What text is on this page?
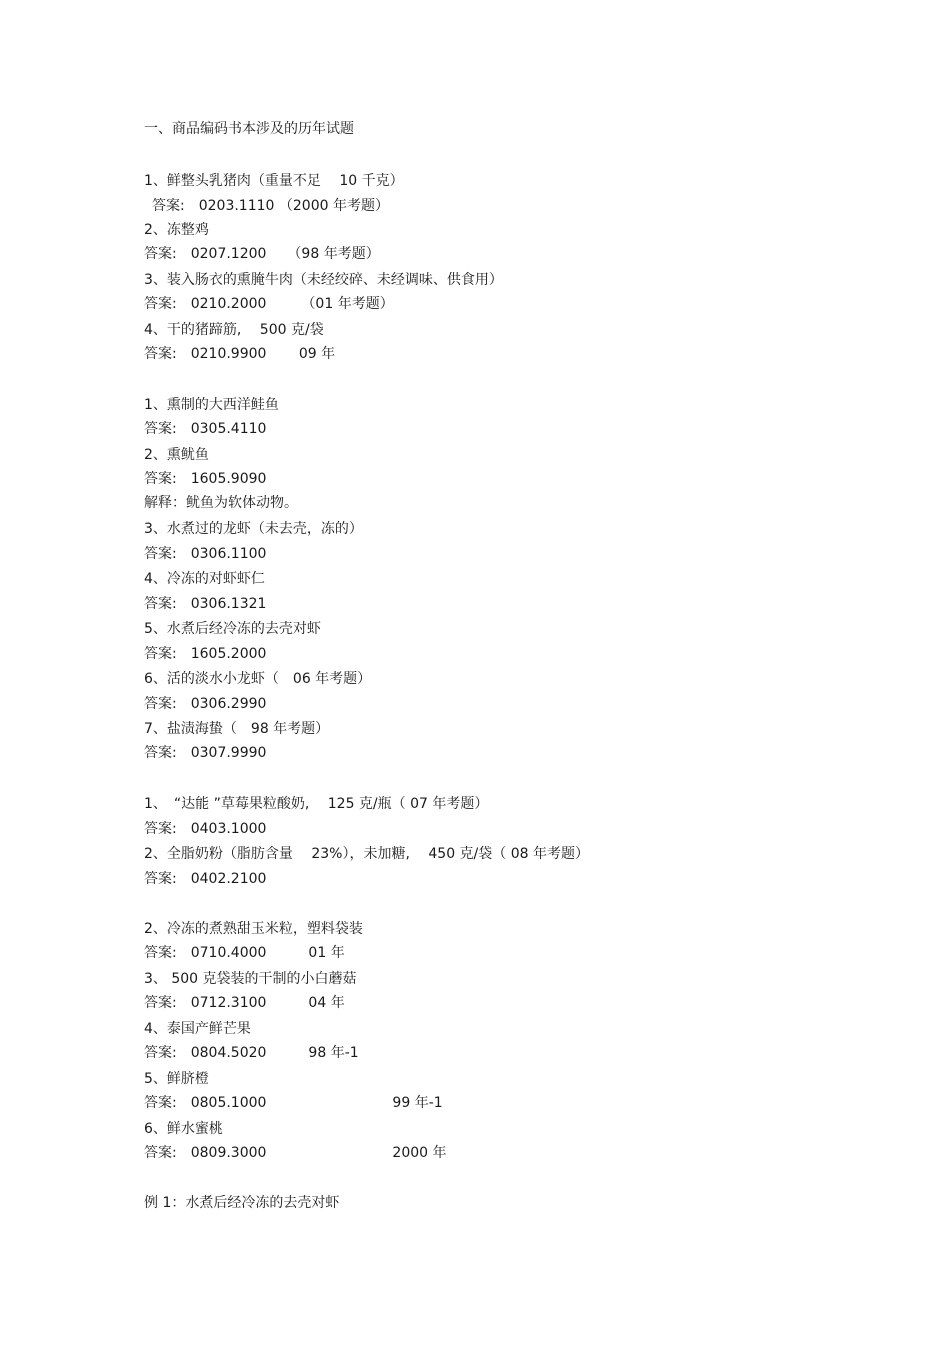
一、商品编码书本涉及的历年试题

1、鲜整头乳猪肉（重量不足　 10 千克）

答案:　0203.1110 （2000 年考题）

2、冻整鸡

答案:　0207.1200　　（98 年考题）

3、装入肠衣的熏腌牛肉（未经绞碎、未经调味、供食用）

答案:　0210.2000　　　（01 年考题）

4、干的猪蹄筋,　 500 克/袋

答案:　0210.9900　　 09 年

1、熏制的大西洋鲑鱼

答案:　0305.4110

2、熏鱿鱼

答案:　1605.9090

解释：鱿鱼为软体动物。

3、水煮过的龙虾（未去壳，冻的）

答案:　0306.1100

4、冷冻的对虾虾仁

答案:　0306.1321

5、水煮后经冷冻的去壳对虾

答案:　1605.2000

6、活的淡水小龙虾（　06 年考题）

答案:　0306.2990

7、盐渍海蛰（　98 年考题）

答案:　0307.9990

1、　“达能 ”草莓果粒酸奶,　 125 克/瓶（ 07 年考题）

答案:　0403.1000

2、全脂奶粉（脂肪含量　 23%），未加糖,　 450 克/袋（ 08 年考题）

答案:　0402.2100

2、冷冻的煮熟甜玉米粒，塑料袋装

答案:　0710.4000　　　01 年

3、 500 克袋装的干制的小白蘑菇

答案:　0712.3100　　　04 年

4、泰国产鲜芒果

答案:　0804.5020　　　98 年-1

5、鲜脐橙

答案:　0805.1000　　　　　　　　　99 年-1

6、鲜水蜜桃

答案:　0809.3000　　　　　　　　　2000 年

例 1：水煮后经冷冻的去壳对虾
